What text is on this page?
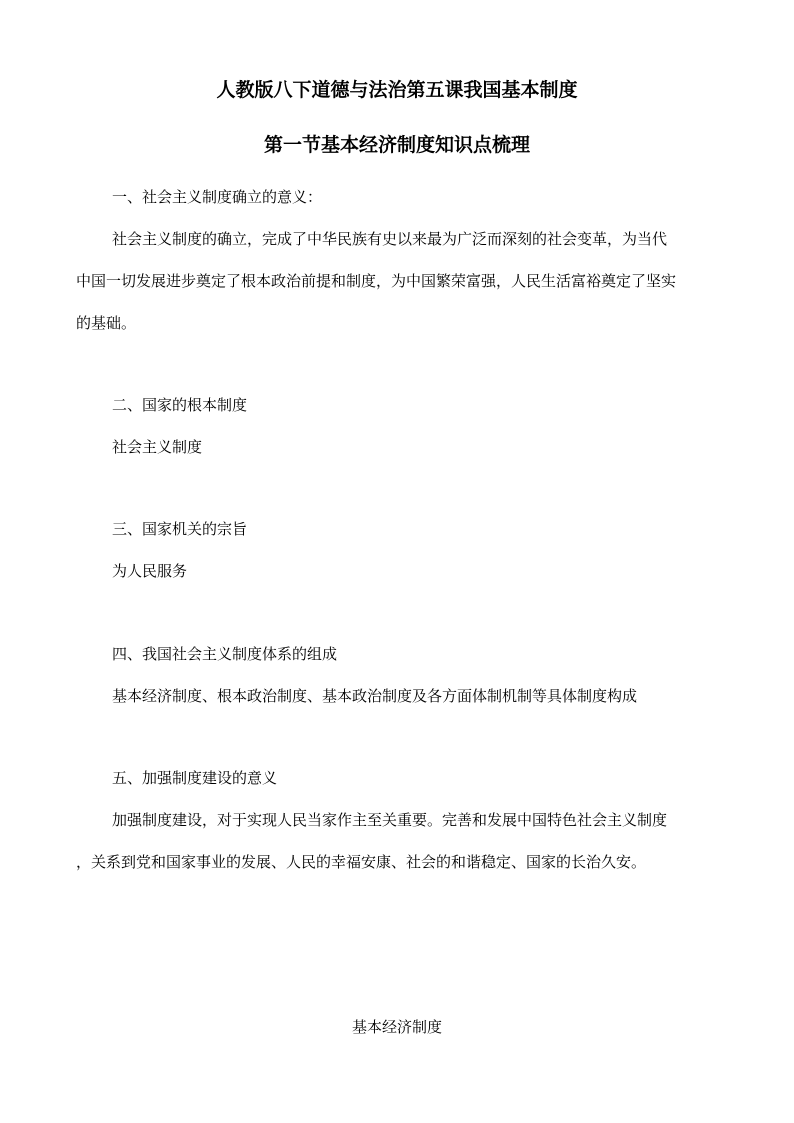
人教版八下道德与法治第五课我国基本制度
第一节基本经济制度知识点梳理
一、社会主义制度确立的意义：
社会主义制度的确立，完成了中华民族有史以来最为广泛而深刻的社会变革，为当代
中国一切发展进步奠定了根本政治前提和制度，为中国繁荣富强，人民生活富裕奠定了坚实
的基础。
二、国家的根本制度
社会主义制度
三、国家机关的宗旨
为人民服务
四、我国社会主义制度体系的组成
基本经济制度、根本政治制度、基本政治制度及各方面体制机制等具体制度构成
五、加强制度建设的意义
加强制度建设，对于实现人民当家作主至关重要。完善和发展中国特色社会主义制度
，关系到党和国家事业的发展、人民的幸福安康、社会的和谐稳定、国家的长治久安。
基本经济制度
